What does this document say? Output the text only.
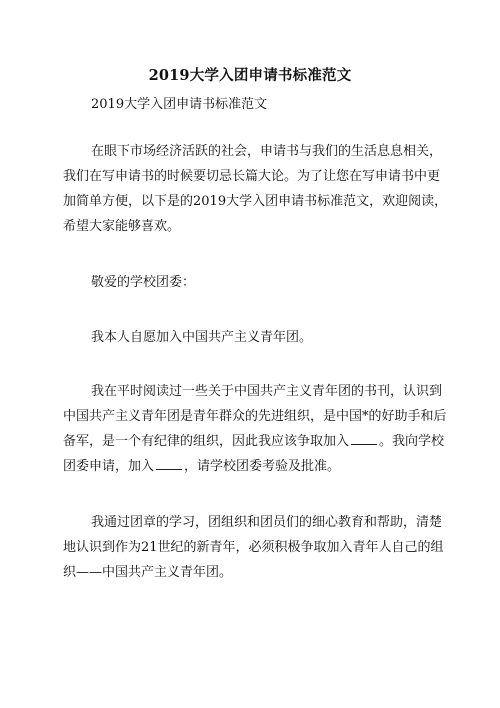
2019大学入团申请书标准范文
2019大学入团申请书标准范文
在眼下市场经济活跃的社会，申请书与我们的生活息息相关，
我们在写申请书的时候要切忌长篇大论。为了让您在写申请书中更
加简单方便，以下是的2019大学入团申请书标准范文，欢迎阅读，
希望大家能够喜欢。
敬爱的学校团委：
我本人自愿加入中国共产主义青年团。
我在平时阅读过一些关于中国共产主义青年团的书刊，认识到
中国共产主义青年团是青年群众的先进组织，是中国*的好助手和后
备军，是一个有纪律的组织，因此我应该争取加入 。我向学校
团委申请，加入 ，请学校团委考验及批准。
我通过团章的学习，团组织和团员们的细心教育和帮助，清楚
地认识到作为21世纪的新青年，必须积极争取加入青年人自己的组
织——中国共产主义青年团。
